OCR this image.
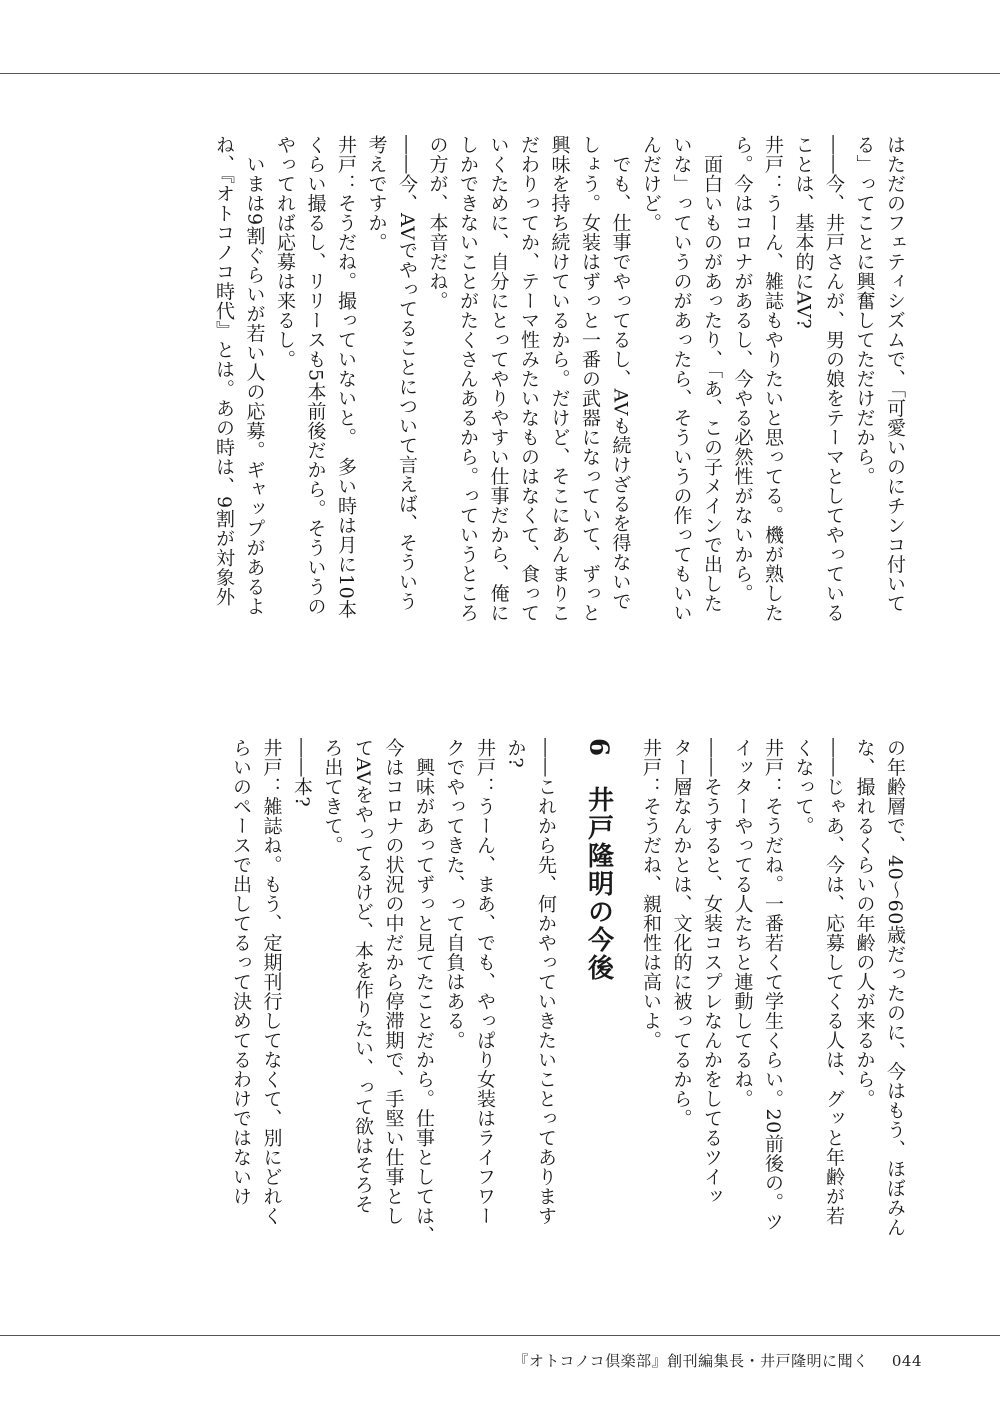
はただのフェティシズムで、「可愛いのにチンコ付いて

る」ってことに興奮してただけだから。

――今、井戸さんが、男の娘をテーマとしてやっている

ことは、基本的にAV?

井戸：うーん、雑誌もやりたいと思ってる。機が熟した

ら。今はコロナがあるし、今やる必然性がないから。

　面白いものがあったり、「あ、この子メインで出した

いな」っていうのがあったら、そういうの作ってもいい

んだけど。

　でも、仕事でやってるし、AVも続けざるを得ないで

しょう。女装はずっと一番の武器になっていて、ずっと

興味を持ち続けているから。だけど、そこにあんまりこ

だわりってか、テーマ性みたいなものはなくて、食って

いくために、自分にとってやりやすい仕事だから、俺に

しかできないことがたくさんあるから。っていうところ

の方が、本音だね。

――今、AVでやってることについて言えば、そういう

考えですか。

井戸：そうだね。撮っていないと。　多い時は月に10本

くらい撮るし、リリースも5本前後だから。そういうの

やってれば応募は来るし。

　いまは9割ぐらいが若い人の応募。ギャップがあるよ

ね、『オトコノコ時代』とは。あの時は、9割が対象外

の年齢層で、40～60歳だったのに、今はもう、ほぼみん

な、撮れるくらいの年齢の人が来るから。

――じゃあ、今は、応募してくる人は、グッと年齢が若

くなって。

井戸：そうだね。一番若くて学生くらい。20前後の。ツ

イッターやってる人たちと連動してるね。

――そうすると、女装コスプレなんかをしてるツイッ

ター層なんかとは、文化的に被ってるから。

井戸：そうだね、親和性は高いよ。

6　井戸隆明の今後

――これから先、何かやっていきたいことってあります

か?

井戸：うーん、まあ、でも、やっぱり女装はライフワー

クでやってきた、って自負はある。

　興味があってずっと見てたことだから。仕事としては、

今はコロナの状況の中だから停滞期で、手堅い仕事とし

てAVをやってるけど、本を作りたい、って欲はそろそ

ろ出てきて。

――本?

井戸：雑誌ね。もう、定期刊行してなくて、別にどれく

らいのペースで出してるって決めてるわけではないけ

『オトコノコ倶楽部』創刊編集長・井戸隆明に聞く 044
